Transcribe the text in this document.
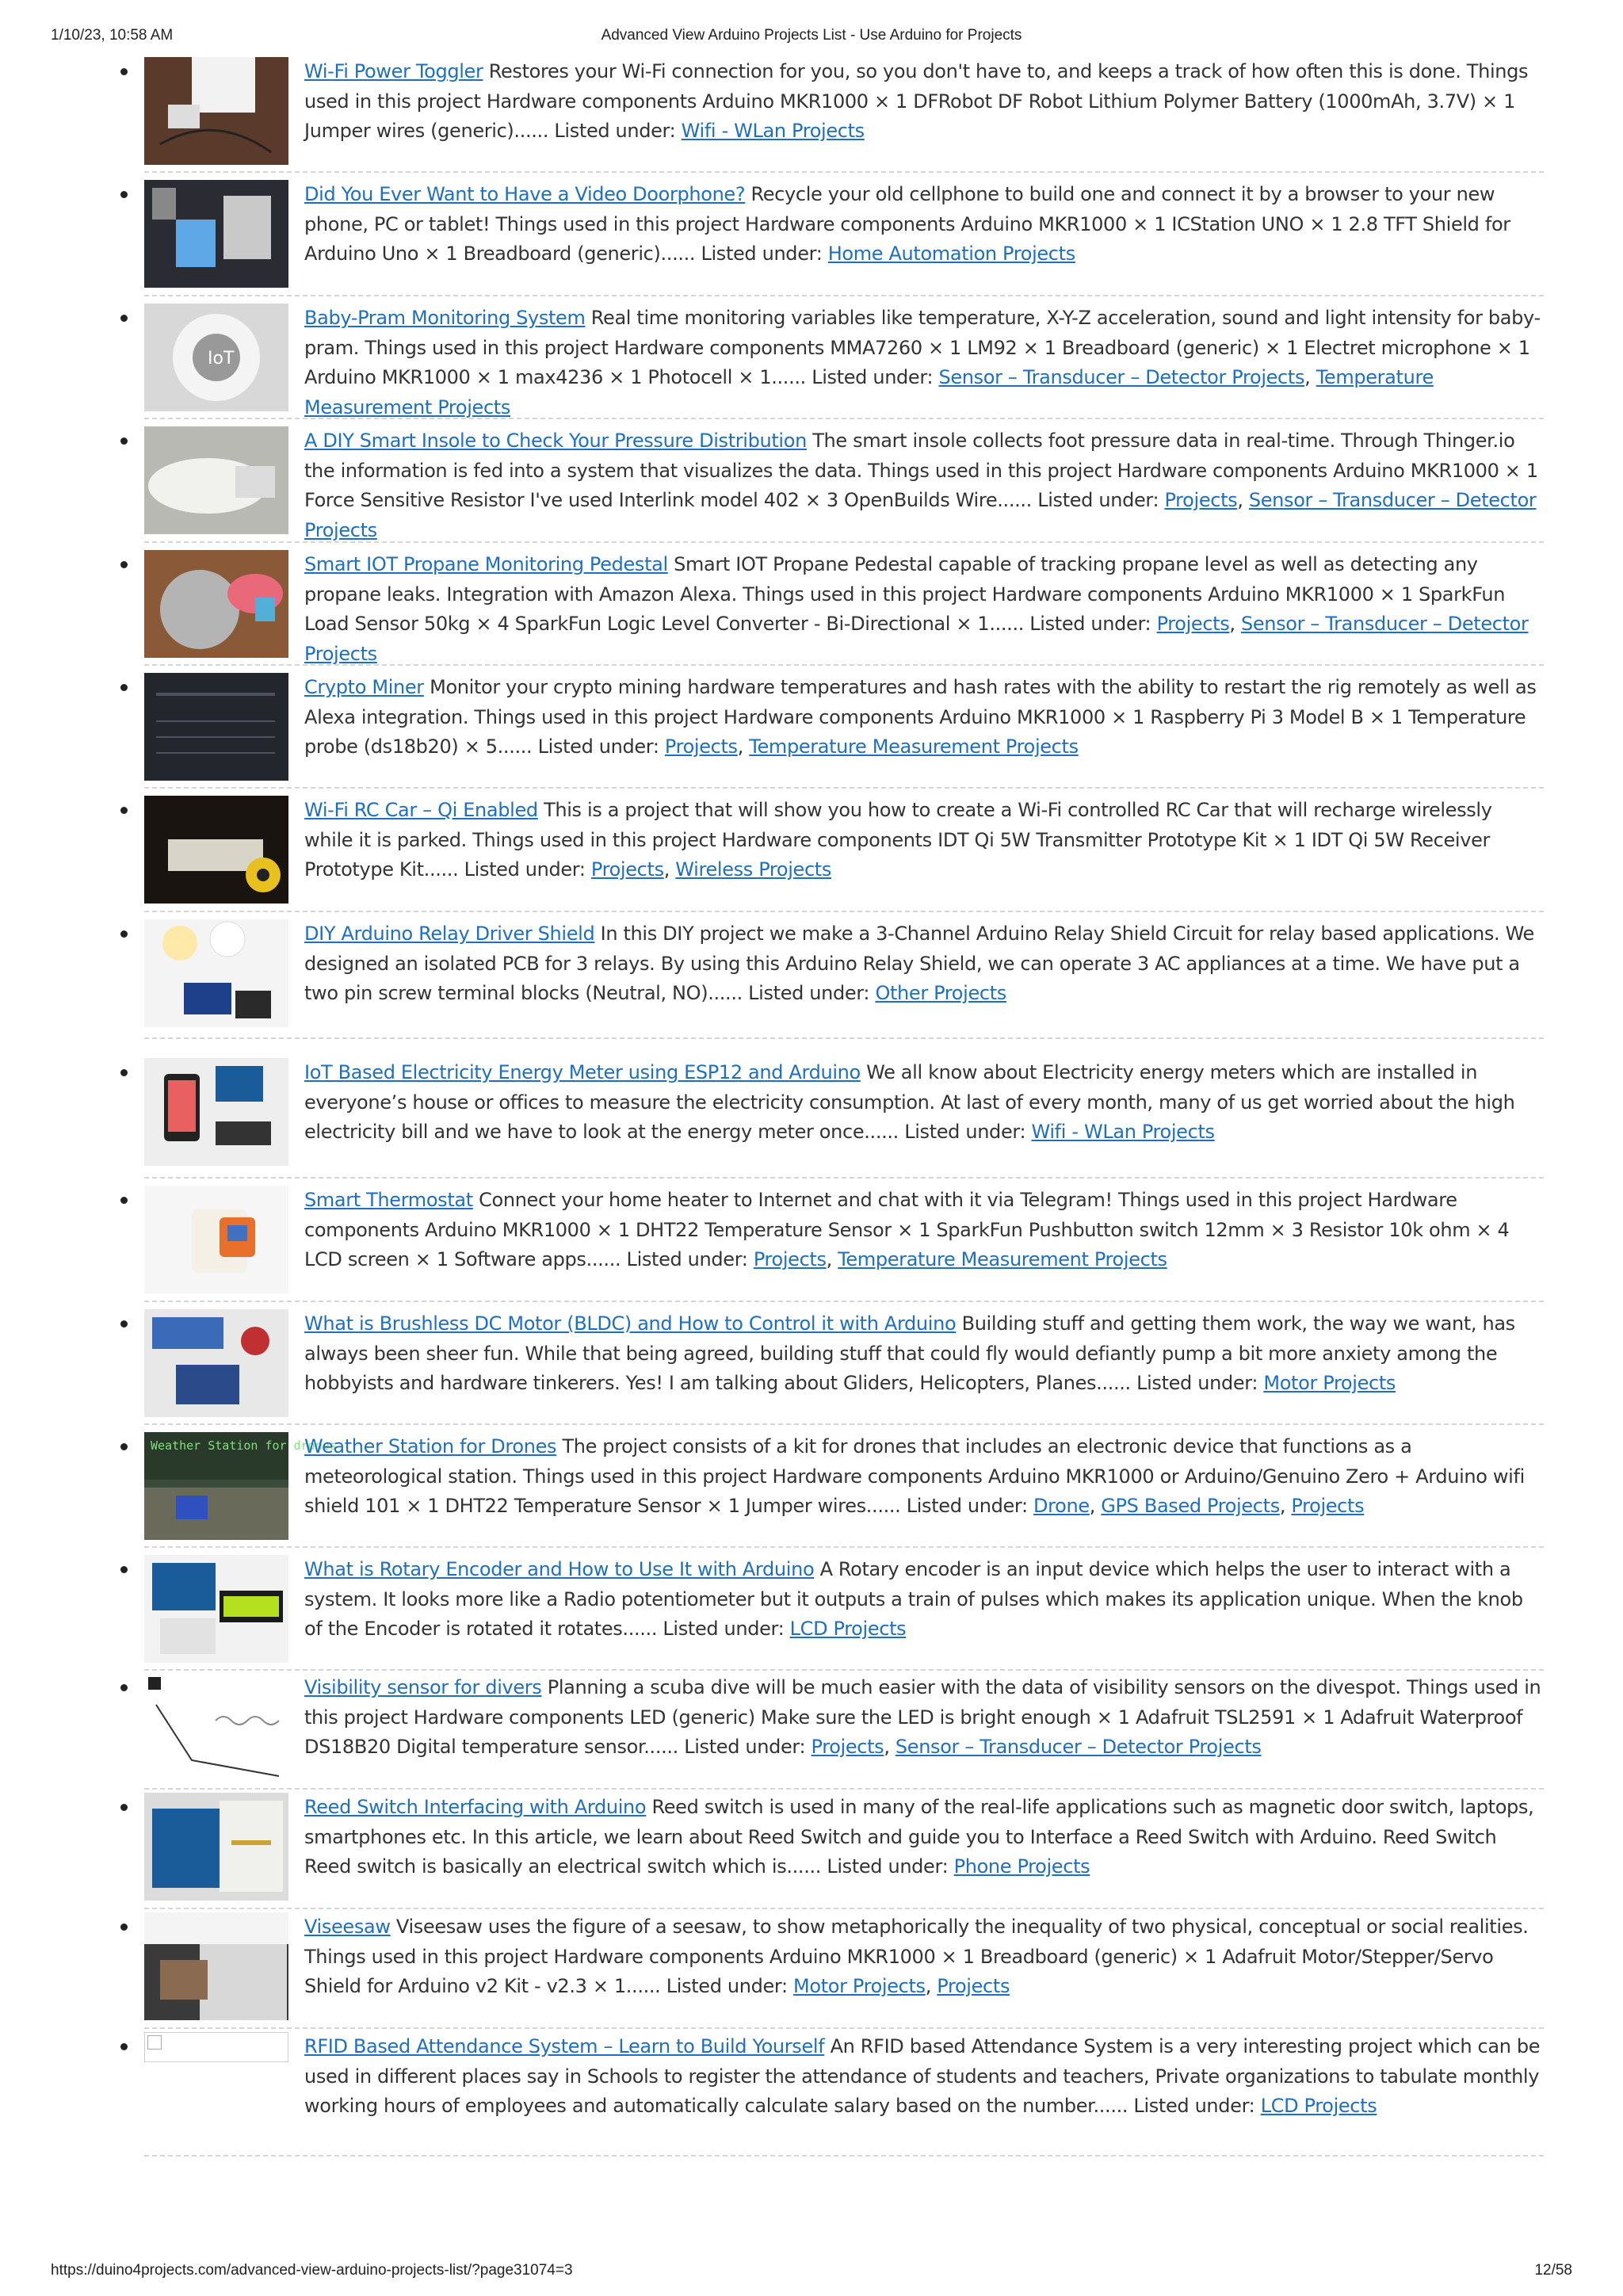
1/10/23, 10:58 AM	Advanced View Arduino Projects List - Use Arduino for Projects
Wi-Fi Power Toggler Restores your Wi-Fi connection for you, so you don't have to, and keeps a track of how often this is done. Things used in this project Hardware components Arduino MKR1000 × 1 DFRobot DF Robot Lithium Polymer Battery (1000mAh, 3.7V) × 1 Jumper wires (generic)...... Listed under: Wifi - WLan Projects
Did You Ever Want to Have a Video Doorphone? Recycle your old cellphone to build one and connect it by a browser to your new phone, PC or tablet! Things used in this project Hardware components Arduino MKR1000 × 1 ICStation UNO × 1 2.8 TFT Shield for Arduino Uno × 1 Breadboard (generic)...... Listed under: Home Automation Projects
IoT
Baby-Pram Monitoring System Real time monitoring variables like temperature, X-Y-Z acceleration, sound and light intensity for baby-pram. Things used in this project Hardware components MMA7260 × 1 LM92 × 1 Breadboard (generic) × 1 Electret microphone × 1 Arduino MKR1000 × 1 max4236 × 1 Photocell × 1...... Listed under: Sensor – Transducer – Detector Projects, Temperature Measurement Projects
A DIY Smart Insole to Check Your Pressure Distribution The smart insole collects foot pressure data in real-time. Through Thinger.io the information is fed into a system that visualizes the data. Things used in this project Hardware components Arduino MKR1000 × 1 Force Sensitive Resistor I've used Interlink model 402 × 3 OpenBuilds Wire...... Listed under: Projects, Sensor – Transducer – Detector Projects
Smart IOT Propane Monitoring Pedestal Smart IOT Propane Pedestal capable of tracking propane level as well as detecting any propane leaks. Integration with Amazon Alexa. Things used in this project Hardware components Arduino MKR1000 × 1 SparkFun Load Sensor 50kg × 4 SparkFun Logic Level Converter - Bi-Directional × 1...... Listed under: Projects, Sensor – Transducer – Detector Projects
Crypto Miner Monitor your crypto mining hardware temperatures and hash rates with the ability to restart the rig remotely as well as Alexa integration. Things used in this project Hardware components Arduino MKR1000 × 1 Raspberry Pi 3 Model B × 1 Temperature probe (ds18b20) × 5...... Listed under: Projects, Temperature Measurement Projects
Wi-Fi RC Car – Qi Enabled This is a project that will show you how to create a Wi-Fi controlled RC Car that will recharge wirelessly while it is parked. Things used in this project Hardware components IDT Qi 5W Transmitter Prototype Kit × 1 IDT Qi 5W Receiver Prototype Kit...... Listed under: Projects, Wireless Projects
DIY Arduino Relay Driver Shield In this DIY project we make a 3-Channel Arduino Relay Shield Circuit for relay based applications. We designed an isolated PCB for 3 relays. By using this Arduino Relay Shield, we can operate 3 AC appliances at a time. We have put a two pin screw terminal blocks (Neutral, NO)...... Listed under: Other Projects
IoT Based Electricity Energy Meter using ESP12 and Arduino We all know about Electricity energy meters which are installed in everyone’s house or offices to measure the electricity consumption. At last of every month, many of us get worried about the high electricity bill and we have to look at the energy meter once...... Listed under: Wifi - WLan Projects
Smart Thermostat Connect your home heater to Internet and chat with it via Telegram! Things used in this project Hardware components Arduino MKR1000 × 1 DHT22 Temperature Sensor × 1 SparkFun Pushbutton switch 12mm × 3 Resistor 10k ohm × 4 LCD screen × 1 Software apps...... Listed under: Projects, Temperature Measurement Projects
What is Brushless DC Motor (BLDC) and How to Control it with Arduino Building stuff and getting them work, the way we want, has always been sheer fun. While that being agreed, building stuff that could fly would defiantly pump a bit more anxiety among the hobbyists and hardware tinkerers. Yes! I am talking about Gliders, Helicopters, Planes...... Listed under: Motor Projects
Weather Station for drones
Weather Station for Drones The project consists of a kit for drones that includes an electronic device that functions as a meteorological station. Things used in this project Hardware components Arduino MKR1000 or Arduino/Genuino Zero + Arduino wifi shield 101 × 1 DHT22 Temperature Sensor × 1 Jumper wires...... Listed under: Drone, GPS Based Projects, Projects
What is Rotary Encoder and How to Use It with Arduino A Rotary encoder is an input device which helps the user to interact with a system. It looks more like a Radio potentiometer but it outputs a train of pulses which makes its application unique. When the knob of the Encoder is rotated it rotates...... Listed under: LCD Projects
Visibility sensor for divers Planning a scuba dive will be much easier with the data of visibility sensors on the divespot. Things used in this project Hardware components LED (generic) Make sure the LED is bright enough × 1 Adafruit TSL2591 × 1 Adafruit Waterproof DS18B20 Digital temperature sensor...... Listed under: Projects, Sensor – Transducer – Detector Projects
Reed Switch Interfacing with Arduino Reed switch is used in many of the real-life applications such as magnetic door switch, laptops, smartphones etc. In this article, we learn about Reed Switch and guide you to Interface a Reed Switch with Arduino. Reed Switch Reed switch is basically an electrical switch which is...... Listed under: Phone Projects
Viseesaw Viseesaw uses the figure of a seesaw, to show metaphorically the inequality of two physical, conceptual or social realities. Things used in this project Hardware components Arduino MKR1000 × 1 Breadboard (generic) × 1 Adafruit Motor/Stepper/Servo Shield for Arduino v2 Kit - v2.3 × 1...... Listed under: Motor Projects, Projects
RFID Based Attendance System – Learn to Build Yourself An RFID based Attendance System is a very interesting project which can be used in different places say in Schools to register the attendance of students and teachers, Private organizations to tabulate monthly working hours of employees and automatically calculate salary based on the number...... Listed under: LCD Projects
https://duino4projects.com/advanced-view-arduino-projects-list/?page31074=3	12/58
